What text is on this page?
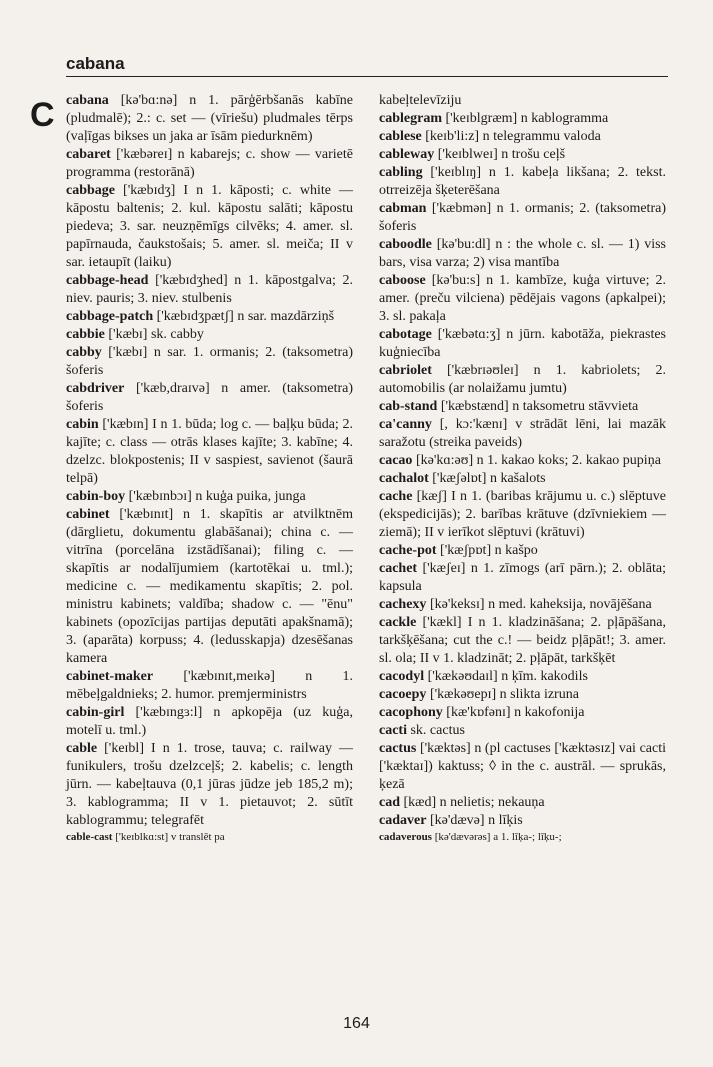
cabana
C cabana [kə'bɑ:nə] n 1. pārģērbšanās kabīne (pludmalē); 2.: c. set — (vīriešu) pludmales tērps (vaļīgas bikses un jaka ar īsām piedurknēm)
cabaret ['kæbəreɪ] n kabarejs; c. show — varietē programma (restorānā)
cabbage ['kæbɪdʒ] I n 1. kāposti; c. white — kāpostu baltenis; 2. kul. kāpostu salāti; kāpostu piedeva; 3. sar. neuzņēmīgs cilvēks; 4. amer. sl. papīrnauda, čaukstošais; 5. amer. sl. meiča; II v sar. ietaupīt (laiku)
cabbage-head ['kæbɪdʒhed] n 1. kāpostgalva; 2. niev. pauris; 3. niev. stulbenis
cabbage-patch ['kæbɪdʒpætʃ] n sar. mazdārziņš
cabbie ['kæbɪ] sk. cabby
cabby ['kæbɪ] n sar. 1. ormanis; 2. (taksometra) šoferis
cabdriver ['kæb,draɪvə] n amer. (taksometra) šoferis
cabin ['kæbɪn] I n 1. būda; log c. — baļķu būda; 2. kajīte; c. class — otrās klases kajīte; 3. kabīne; 4. dzelzc. blokpostenis; II v saspiest, savienot (šaurā telpā)
cabin-boy ['kæbɪnbɔɪ] n kuģa puika, junga
cabinet ['kæbɪnɪt] n 1. skapītis ar atvilktnēm (dārglietu, dokumentu glabāšanai); china c. — vitrīna (porcelāna izstādīšanai); filing c. — skapītis ar nodalījumiem (kartotēkai u. tml.); medicine c. — medikamentu skapītis; 2. pol. ministru kabinets; valdība; shadow c. — "ēnu" kabinets (opozīcijas partijas deputāti apakšnamā); 3. (aparāta) korpuss; 4. (ledusskapja) dzesēšanas kamera
cabinet-maker ['kæbɪnɪt,meɪkə] n 1. mēbeļgaldnieks; 2. humor. premjerministrs
cabin-girl ['kæbɪngɜ:l] n apkopēja (uz kuģa, motelī u. tml.)
cable ['keɪbl] I n 1. trose, tauva; c. railway — funikulers, trošu dzelzceļš; 2. kabelis; c. length jūrn. — kabeļtauva (0,1 jūras jūdze jeb 185,2 m); 3. kablogramma; II v 1. pietauvot; 2. sūtīt kablogrammu; telegrafēt
cable-cast ['keɪblkɑ:st] v translēt pa
kabeļtelevīziju
cablegram ['keɪblgræm] n kablogramma
cablese [keɪb'li:z] n telegrammu valoda
cableway ['keɪblweɪ] n trošu ceļš
cabling ['keɪblɪŋ] n 1. kabeļa likšana; 2. tekst. otrreizēja šķeterēšana
cabman ['kæbmən] n 1. ormanis; 2. (taksometra) šoferis
caboodle [kə'bu:dl] n : the whole c. sl. — 1) viss bars, visa varza; 2) visa mantība
caboose [kə'bu:s] n 1. kambīze, kuģa virtuve; 2. amer. (preču vilciena) pēdējais vagons (apkalpei); 3. sl. pakaļa
cabotage ['kæbətɑ:ʒ] n jūrn. kabotāža, piekrastes kuģniecība
cabriolet ['kæbrɪəʊleɪ] n 1. kabriolets; 2. automobilis (ar nolaižamu jumtu)
cab-stand ['kæbstænd] n taksometru stāvvieta
ca'canny [, kɔ:'kænɪ] v strādāt lēni, lai mazāk saražotu (streika paveids)
cacao [kə'kɑ:əʊ] n 1. kakao koks; 2. kakao pupiņa
cachalot ['kæʃəlɒt] n kašalots
cache [kæʃ] I n 1. (baribas krājumu u. c.) slēptuve (ekspedicijās); 2. barības krātuve (dzīvniekiem — ziemā); II v ierīkot slēptuvi (krātuvi)
cache-pot ['kæʃpɒt] n kašpo
cachet ['kæʃeɪ] n 1. zīmogs (arī pārn.); 2. oblāta; kapsula
cachexy [kə'keksɪ] n med. kaheksija, novājēšana
cackle ['kækl] I n 1. kladzināšana; 2. pļāpāšana, tarkšķēšana; cut the c.! — beidz pļāpāt!; 3. amer. sl. ola; II v 1. kladzināt; 2. pļāpāt, tarkšķēt
cacodyl ['kækəʊdaɪl] n ķīm. kakodils
cacoepy ['kækəʊepɪ] n slikta izruna
cacophony [kæ'kɒfənɪ] n kakofonija
cacti sk. cactus
cactus ['kæktəs] n (pl cactuses ['kæktəsɪz] vai cacti ['kæktaɪ]) kaktuss; ◊ in the c. austrāl. — sprukās, ķezā
cad [kæd] n nelietis; nekauņa
cadaver [kə'dævə] n līķis
cadaverous [kə'dævərəs] a 1. līķa-; līķu-;
164
